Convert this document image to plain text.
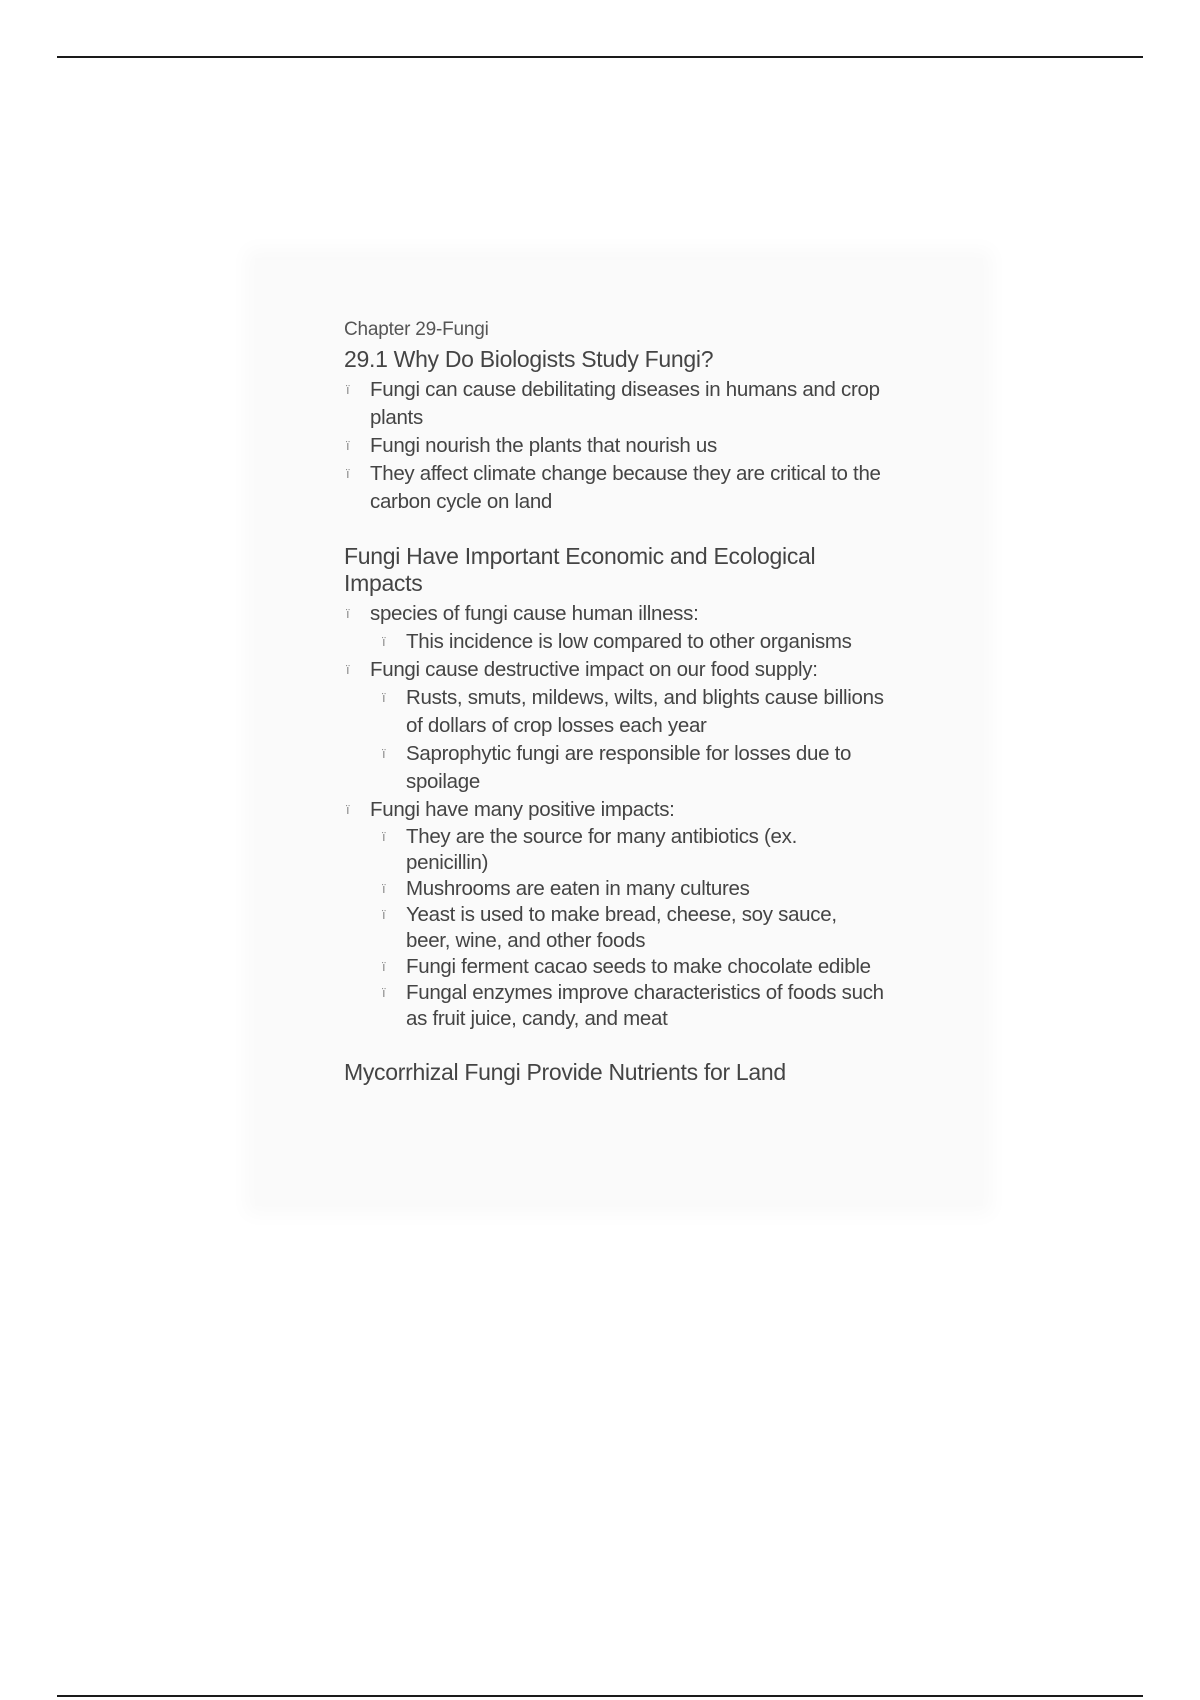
Chapter 29-Fungi
29.1 Why Do Biologists Study Fungi?
ï Fungi can cause debilitating diseases in humans and crop plants
ï Fungi nourish the plants that nourish us
ï They affect climate change because they are critical to the carbon cycle on land
Fungi Have Important Economic and Ecological Impacts
ï species of fungi cause human illness:
ï This incidence is low compared to other organisms
ï Fungi cause destructive impact on our food supply:
ï Rusts, smuts, mildews, wilts, and blights cause billions of dollars of crop losses each year
ï Saprophytic fungi are responsible for losses due to spoilage
ï Fungi have many positive impacts:
ï They are the source for many antibiotics (ex. penicillin)
ï Mushrooms are eaten in many cultures
ï Yeast is used to make bread, cheese, soy sauce, beer, wine, and other foods
ï Fungi ferment cacao seeds to make chocolate edible
ï Fungal enzymes improve characteristics of foods such as fruit juice, candy, and meat
Mycorrhizal Fungi Provide Nutrients for Land
